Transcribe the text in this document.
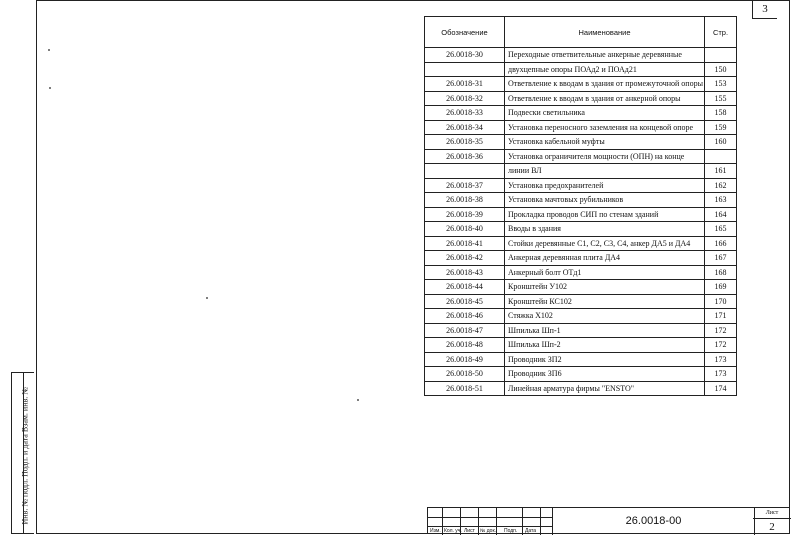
Инв. № подл. Подп. и дата Взам. инв. №
3
Обозначение	Наименование	Стр.
26.0018-30	Переходные ответвительные анкерные деревянные	
	двухцепные опоры ПОАд2 и ПОАд21	150
26.0018-31	Ответвление к вводам в здания от промежуточной опоры	153
26.0018-32	Ответвление к вводам в здания от анкерной опоры	155
26.0018-33	Подвески светильника	158
26.0018-34	Установка переносного заземления на концевой опоре	159
26.0018-35	Установка кабельной муфты	160
26.0018-36	Установка ограничителя мощности (ОПН) на конце	
	линии ВЛ	161
26.0018-37	Установка предохранителей	162
26.0018-38	Установка мачтовых рубильников	163
26.0018-39	Прокладка проводов СИП по стенам зданий	164
26.0018-40	Вводы в здания	165
26.0018-41	Стойки деревянные С1, С2, С3, С4, анкер ДА5 и ДА4	166
26.0018-42	Анкерная деревянная плита ДА4	167
26.0018-43	Анкерный болт ОТд1	168
26.0018-44	Кронштейн У102	169
26.0018-45	Кронштейн КС102	170
26.0018-46	Стяжка Х102	171
26.0018-47	Шпилька Шп-1	172
26.0018-48	Шпилька Шп-2	172
26.0018-49	Проводник ЗП2	173
26.0018-50	Проводник ЗП6	173
26.0018-51	Линейная арматура фирмы "ENSTO"	174
Изм. Кол. уч. Лист № док. Подп. Дата
26.0018-00
Лист
2
